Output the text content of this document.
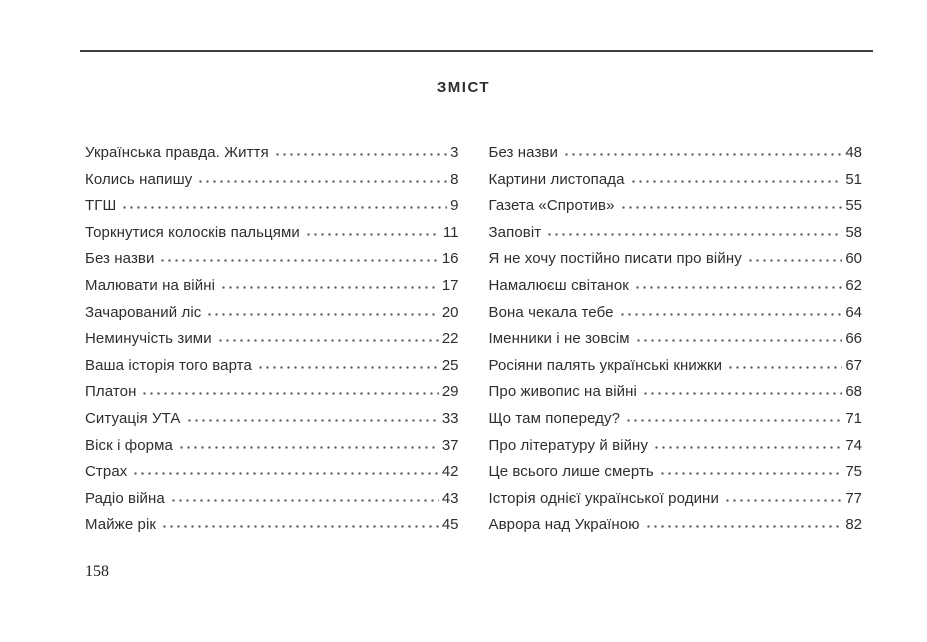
ЗМІСТ
Українська правда. Життя	3
Колись напишу	8
ТГШ	9
Торкнутися колосків пальцями	11
Без назви	16
Малювати на війні	17
Зачарований ліс	20
Неминучість зими	22
Ваша історія того варта	25
Платон	29
Ситуація УТА	33
Віск і форма	37
Страх	42
Радіо війна	43
Майже рік	45
Без назви	48
Картини листопада	51
Газета «Спротив»	55
Заповіт	58
Я не хочу постійно писати про війну	60
Намалюєш світанок	62
Вона чекала тебе	64
Іменники і не зовсім	66
Росіяни палять українські книжки	67
Про живопис на війні	68
Що там попереду?	71
Про літературу й війну	74
Це всього лише смерть	75
Історія однієї української родини	77
Аврора над Україною	82
158
